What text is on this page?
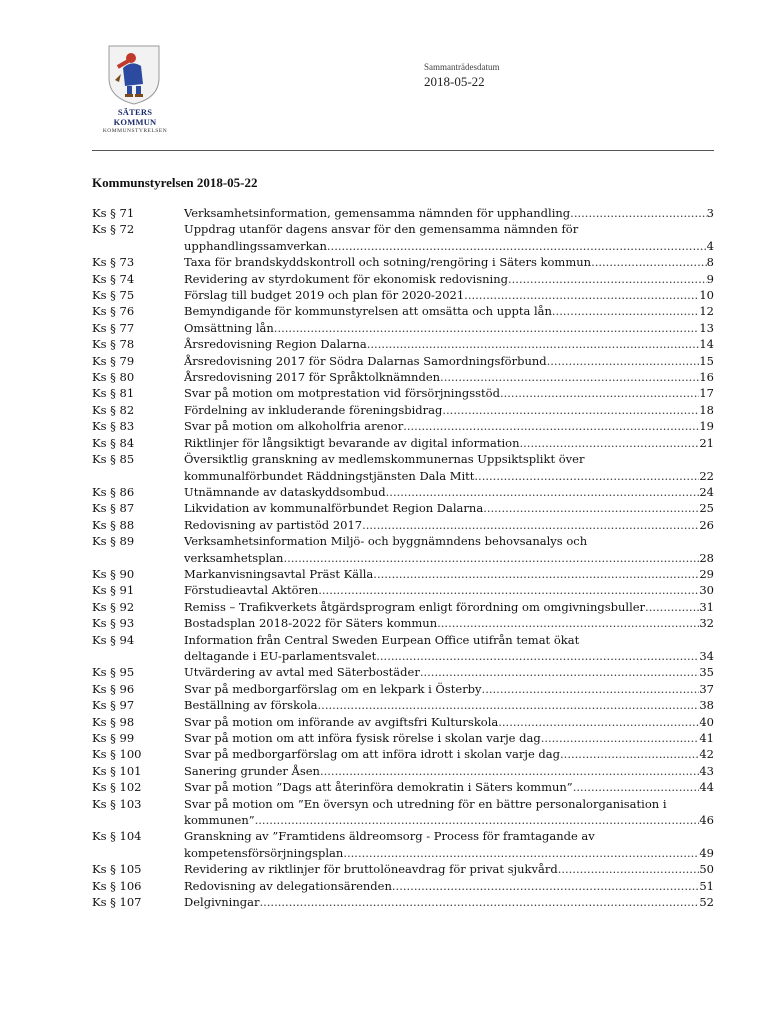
SÄTERS KOMMUN
KOMMUNSTYRELSEN
Sammanträdesdatum
2018-05-22
Kommunstyrelsen 2018-05-22
Ks § 71	Verksamhetsinformation, gemensamma nämnden för upphandling .....	3
Ks § 72	Uppdrag utanför dagens ansvar för den gemensamma nämnden för
upphandlingssamverkan .....	4
Ks § 73	Taxa för brandskyddskontroll och sotning/rengöring i Säters kommun .....	8
Ks § 74	Revidering av styrdokument för ekonomisk redovisning .....	9
Ks § 75	Förslag till budget 2019 och plan för 2020-2021 .....	10
Ks § 76	Bemyndigande för kommunstyrelsen att omsätta och uppta lån .....	12
Ks § 77	Omsättning lån .....	13
Ks § 78	Årsredovisning Region Dalarna .....	14
Ks § 79	Årsredovisning 2017 för Södra Dalarnas Samordningsförbund .....	15
Ks § 80	Årsredovisning 2017 för Språktolknämnden .....	16
Ks § 81	Svar på motion om motprestation vid försörjningsstöd .....	17
Ks § 82	Fördelning av inkluderande föreningsbidrag .....	18
Ks § 83	Svar på motion om alkoholfria arenor .....	19
Ks § 84	Riktlinjer för långsiktigt bevarande av digital information .....	21
Ks § 85	Översiktlig granskning av medlemskommunernas Uppsiktsplikt över
kommunalförbundet Räddningstjänsten Dala Mitt .....	22
Ks § 86	Utnämnande av dataskyddsombud .....	24
Ks § 87	Likvidation av kommunalförbundet Region Dalarna .....	25
Ks § 88	Redovisning av partistöd 2017 .....	26
Ks § 89	Verksamhetsinformation Miljö- och byggnämndens behovsanalys och
verksamhetsplan .....	28
Ks § 90	Markanvisningsavtal Präst Källa .....	29
Ks § 91	Förstudieavtal Aktören .....	30
Ks § 92	Remiss – Trafikverkets åtgärdsprogram enligt förordning om omgivningsbuller .....	31
Ks § 93	Bostadsplan 2018-2022 för Säters kommun .....	32
Ks § 94	Information från Central Sweden Eurpean Office utifrån temat ökat
deltagande i EU-parlamentsvalet .....	34
Ks § 95	Utvärdering av avtal med Säterbostäder .....	35
Ks § 96	Svar på medborgarförslag om en lekpark i Österby .....	37
Ks § 97	Beställning av förskola .....	38
Ks § 98	Svar på motion om införande av avgiftsfri Kulturskola .....	40
Ks § 99	Svar på motion om att införa fysisk rörelse i skolan varje dag .....	41
Ks § 100	Svar på medborgarförslag om att införa idrott i skolan varje dag .....	42
Ks § 101	Sanering grunder Åsen .....	43
Ks § 102	Svar på motion ”Dags att återinföra demokratin i Säters kommun” .....	44
Ks § 103	Svar på motion om ”En översyn och utredning för en bättre personalorganisation i
kommunen” .....	46
Ks § 104	Granskning av ”Framtidens äldreomsorg - Process för framtagande av
kompetensförsörjningsplan .....	49
Ks § 105	Revidering av riktlinjer för bruttolöneavdrag för privat sjukvård .....	50
Ks § 106	Redovisning av delegationsärenden .....	51
Ks § 107	Delgivningar .....	52
